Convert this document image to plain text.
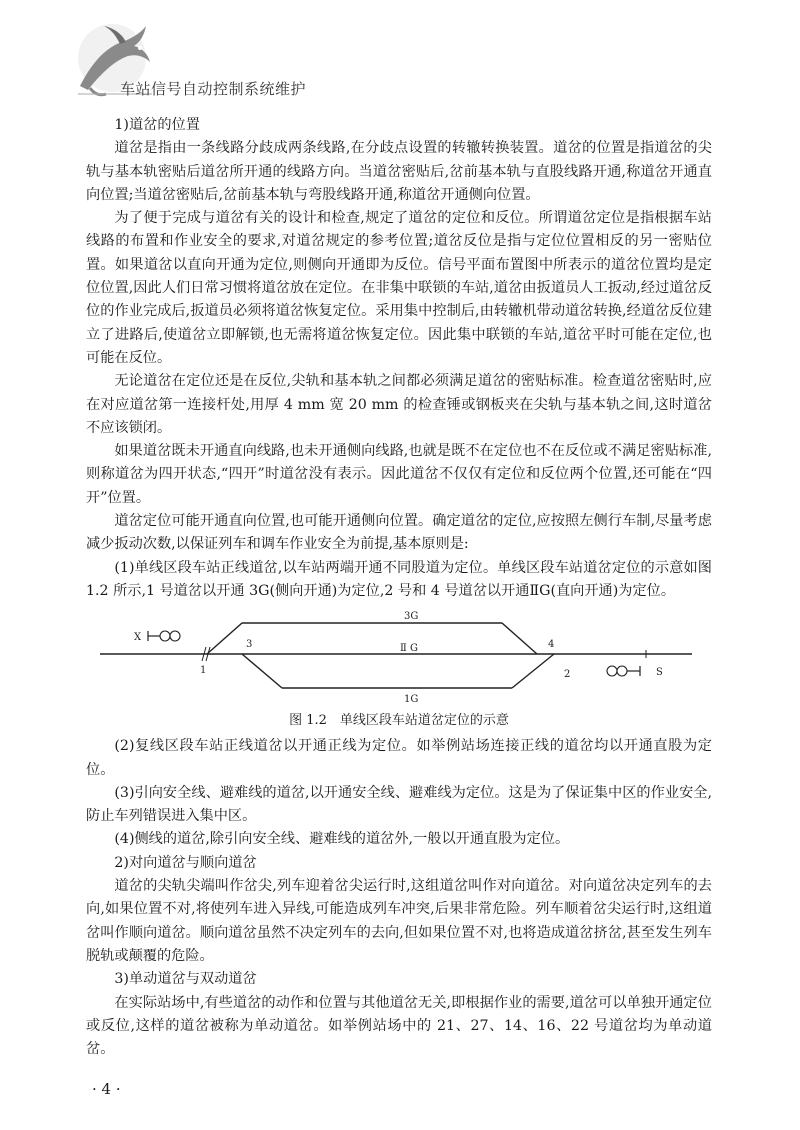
车站信号自动控制系统维护

1)道岔的位置

道岔是指由一条线路分歧成两条线路,在分歧点设置的转辙转换装置。道岔的位置是指道岔的尖轨与基本轨密贴后道岔所开通的线路方向。当道岔密贴后,岔前基本轨与直股线路开通,称道岔开通直向位置;当道岔密贴后,岔前基本轨与弯股线路开通,称道岔开通侧向位置。

为了便于完成与道岔有关的设计和检查,规定了道岔的定位和反位。所谓道岔定位是指根据车站线路的布置和作业安全的要求,对道岔规定的参考位置;道岔反位是指与定位位置相反的另一密贴位置。如果道岔以直向开通为定位,则侧向开通即为反位。信号平面布置图中所表示的道岔位置均是定位位置,因此人们日常习惯将道岔放在定位。在非集中联锁的车站,道岔由扳道员人工扳动,经过道岔反位的作业完成后,扳道员必须将道岔恢复定位。采用集中控制后,由转辙机带动道岔转换,经道岔反位建立了进路后,使道岔立即解锁,也无需将道岔恢复定位。因此集中联锁的车站,道岔平时可能在定位,也可能在反位。

无论道岔在定位还是在反位,尖轨和基本轨之间都必须满足道岔的密贴标准。检查道岔密贴时,应在对应道岔第一连接杆处,用厚 4 mm 宽 20 mm 的检查锤或钢板夹在尖轨与基本轨之间,这时道岔不应该锁闭。

如果道岔既未开通直向线路,也未开通侧向线路,也就是既不在定位也不在反位或不满足密贴标准,则称道岔为四开状态,“四开”时道岔没有表示。因此道岔不仅仅有定位和反位两个位置,还可能在“四开”位置。

道岔定位可能开通直向位置,也可能开通侧向位置。确定道岔的定位,应按照左侧行车制,尽量考虑减少扳动次数,以保证列车和调车作业安全为前提,基本原则是:

(1)单线区段车站正线道岔,以车站两端开通不同股道为定位。单线区段车站道岔定位的示意如图 1.2 所示,1 号道岔以开通 3G(侧向开通)为定位,2 号和 4 号道岔以开通ⅡG(直向开通)为定位。

3G
Ⅱ G
1G
X
S
1	2
3	4
图 1.2　单线区段车站道岔定位的示意

(2)复线区段车站正线道岔以开通正线为定位。如举例站场连接正线的道岔均以开通直股为定位。

(3)引向安全线、避难线的道岔,以开通安全线、避难线为定位。这是为了保证集中区的作业安全,防止车列错误进入集中区。

(4)侧线的道岔,除引向安全线、避难线的道岔外,一般以开通直股为定位。

2)对向道岔与顺向道岔

道岔的尖轨尖端叫作岔尖,列车迎着岔尖运行时,这组道岔叫作对向道岔。对向道岔决定列车的去向,如果位置不对,将使列车进入异线,可能造成列车冲突,后果非常危险。列车顺着岔尖运行时,这组道岔叫作顺向道岔。顺向道岔虽然不决定列车的去向,但如果位置不对,也将造成道岔挤岔,甚至发生列车脱轨或颠覆的危险。

3)单动道岔与双动道岔

在实际站场中,有些道岔的动作和位置与其他道岔无关,即根据作业的需要,道岔可以单独开通定位或反位,这样的道岔被称为单动道岔。如举例站场中的 21、27、14、16、22 号道岔均为单动道岔。

· 4 ·
